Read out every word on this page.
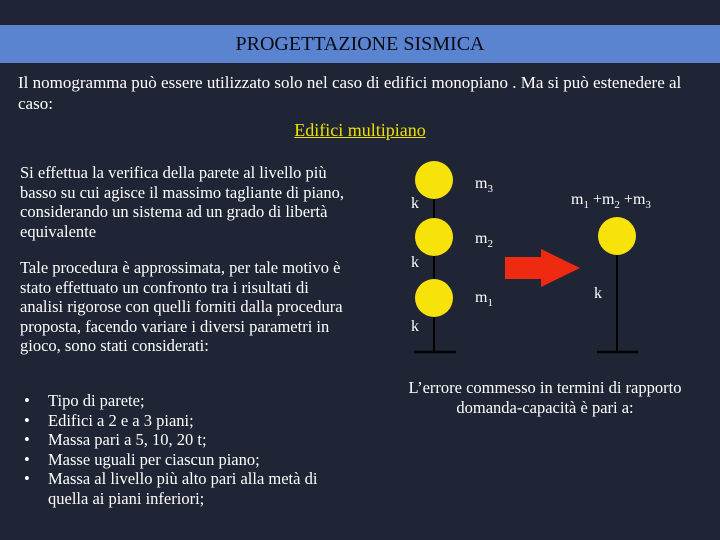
PROGETTAZIONE SISMICA
Il nomogramma può essere utilizzato solo nel caso di edifici monopiano . Ma si può estenedere al caso:
Edifici multipiano
Si effettua la verifica della parete al livello più basso su cui agisce il massimo tagliante di piano, considerando un sistema ad un grado di libertà equivalente
Tale procedura è approssimata, per tale motivo è stato effettuato un confronto tra i risultati di analisi rigorose con quelli forniti dalla procedura proposta, facendo variare i diversi parametri in gioco, sono stati considerati:
• Tipo di parete;
• Edifici a 2 e a 3 piani;
• Massa pari a 5, 10, 20 t;
• Masse uguali per ciascun piano;
• Massa al livello più alto pari alla metà di quella ai piani inferiori;
$m_3$
$m_2$
$m_1$
k
k
k
$m_1 +m_2 +m_3$
k
L’errore commesso in termini di rapporto domanda-capacità è pari a:
